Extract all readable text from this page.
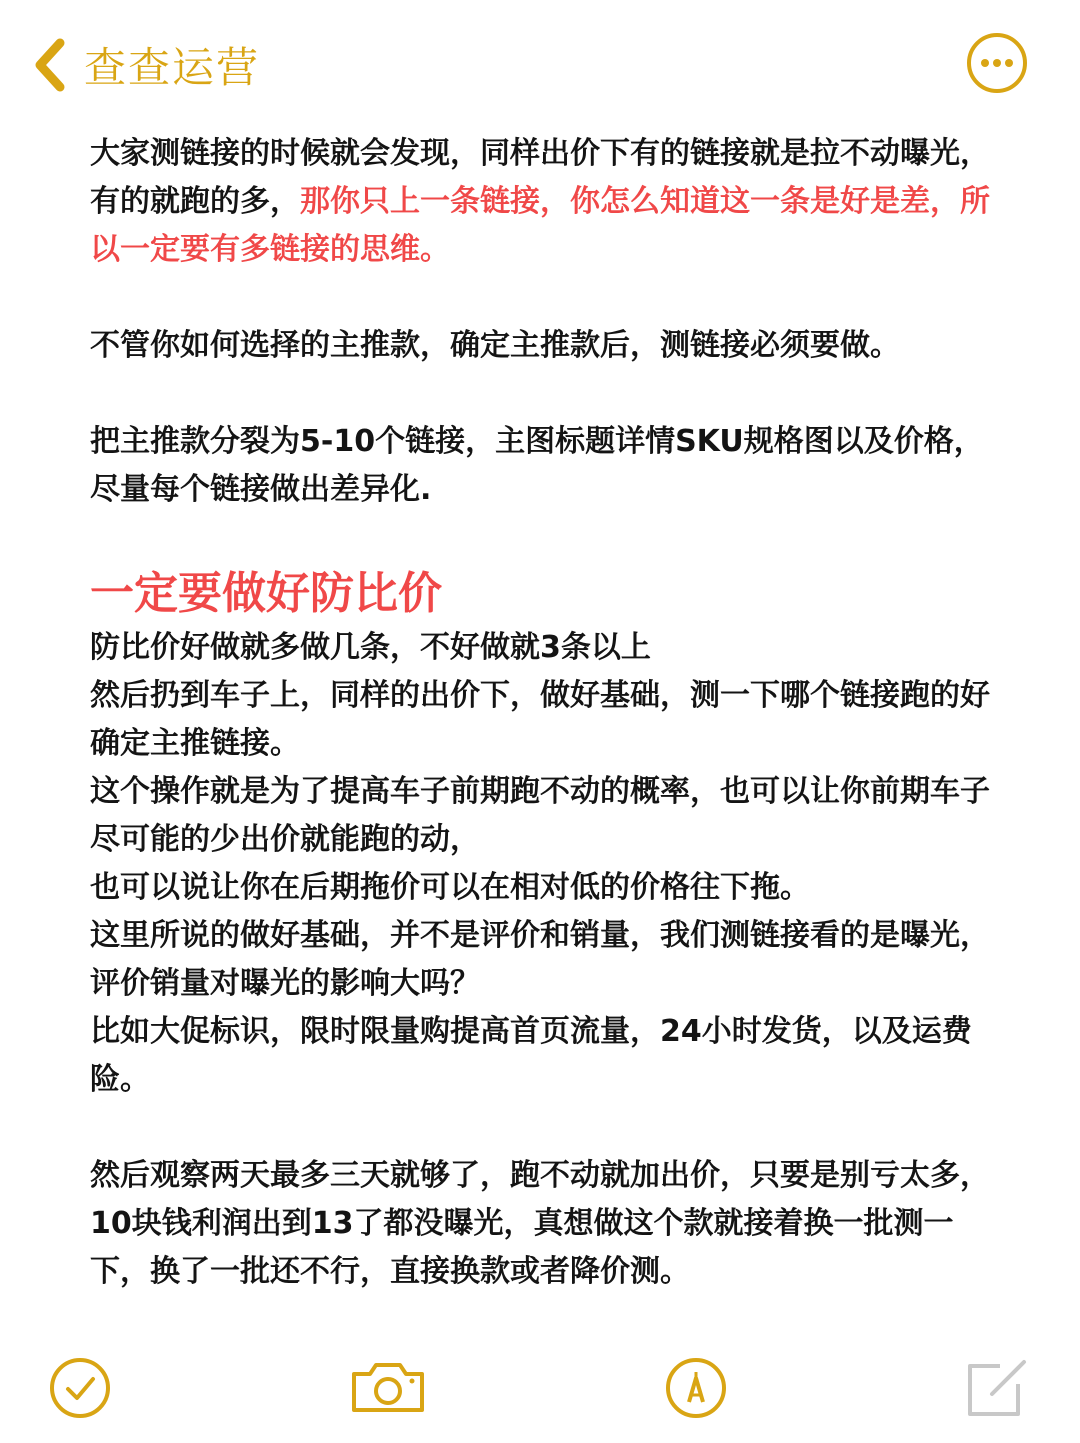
查查运营

大家测链接的时候就会发现，同样出价下有的链接就是拉不动曝光，有的就跑的多，那你只上一条链接，你怎么知道这一条是好是差，所以一定要有多链接的思维。

不管你如何选择的主推款，确定主推款后，测链接必须要做。

把主推款分裂为5-10个链接，主图标题详情SKU规格图以及价格，尽量每个链接做出差异化.

一定要做好防比价

防比价好做就多做几条，不好做就3条以上

然后扔到车子上，同样的出价下，做好基础，测一下哪个链接跑的好确定主推链接。

这个操作就是为了提高车子前期跑不动的概率，也可以让你前期车子尽可能的少出价就能跑的动，

也可以说让你在后期拖价可以在相对低的价格往下拖。

这里所说的做好基础，并不是评价和销量，我们测链接看的是曝光，评价销量对曝光的影响大吗？

比如大促标识，限时限量购提高首页流量，24小时发货，以及运费险。

然后观察两天最多三天就够了，跑不动就加出价，只要是别亏太多，10块钱利润出到13了都没曝光，真想做这个款就接着换一批测一下，换了一批还不行，直接换款或者降价测。
